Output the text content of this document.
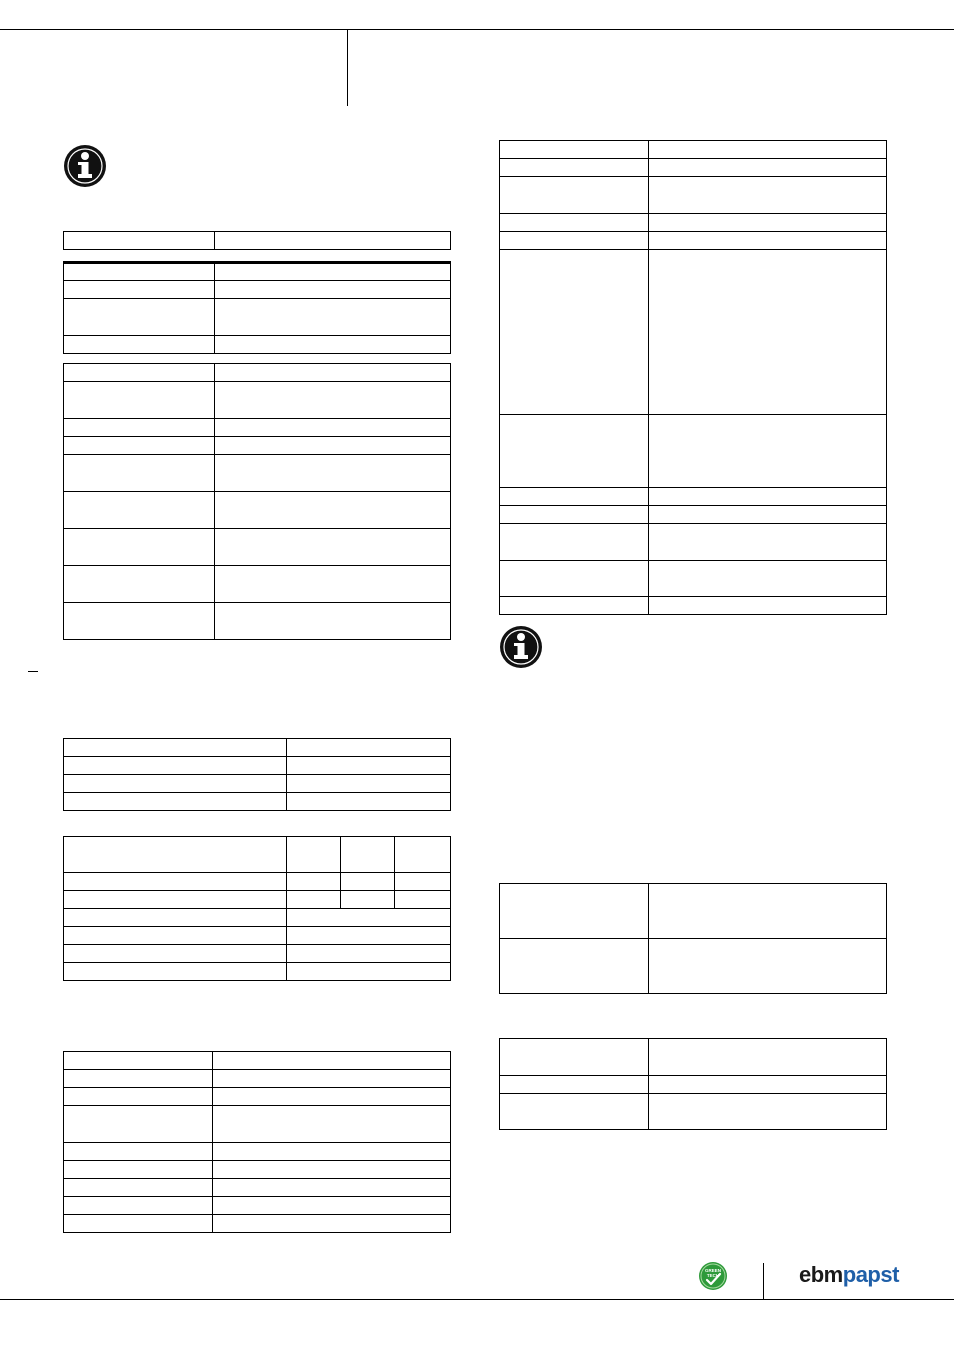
GREEN
TECH	ebmpapst
